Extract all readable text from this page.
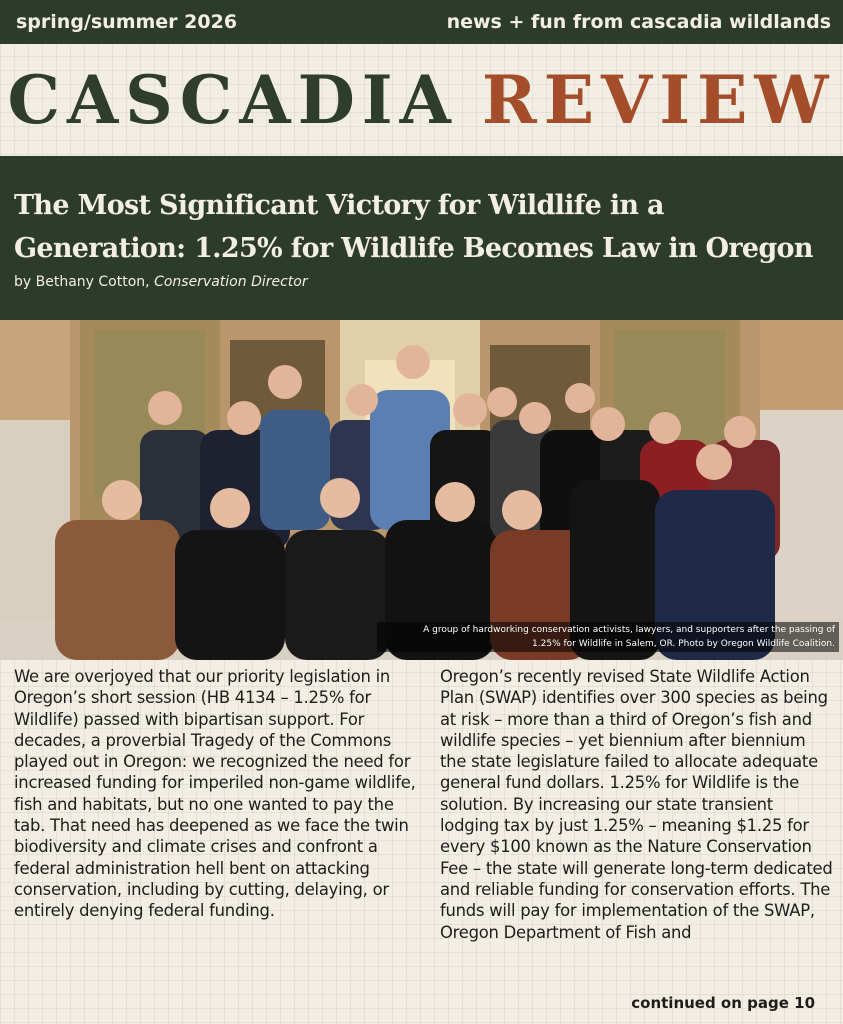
spring/summer 2026	news + fun from cascadia wildlands
CASCADIA REVIEW
The Most Significant Victory for Wildlife in a
Generation: 1.25% for Wildlife Becomes Law in Oregon
by Bethany Cotton, Conservation Director
A group of hardworking conservation activists, lawyers, and supporters after the passing of
1.25% for Wildlife in Salem, OR. Photo by Oregon Wildlife Coalition.
We are overjoyed that our priority legislation in Oregon’s short session (HB 4134 – 1.25% for Wildlife) passed with bipartisan support. For decades, a proverbial Tragedy of the Commons played out in Oregon: we recognized the need for increased funding for imperiled non-game wildlife, fish and habitats, but no one wanted to pay the tab. That need has deepened as we face the twin biodiversity and climate crises and confront a federal administration hell bent on attacking conservation, including by cutting, delaying, or entirely denying federal funding.
Oregon’s recently revised State Wildlife Action Plan (SWAP) identifies over 300 species as being at risk – more than a third of Oregon’s fish and wildlife species – yet biennium after biennium the state legislature failed to allocate adequate general fund dollars. 1.25% for Wildlife is the solution. By increasing our state transient lodging tax by just 1.25% – meaning $1.25 for every $100 known as the Nature Conservation Fee – the state will generate long-term dedicated and reliable funding for conservation efforts. The funds will pay for implementation of the SWAP, Oregon Department of Fish and
continued on page 10
